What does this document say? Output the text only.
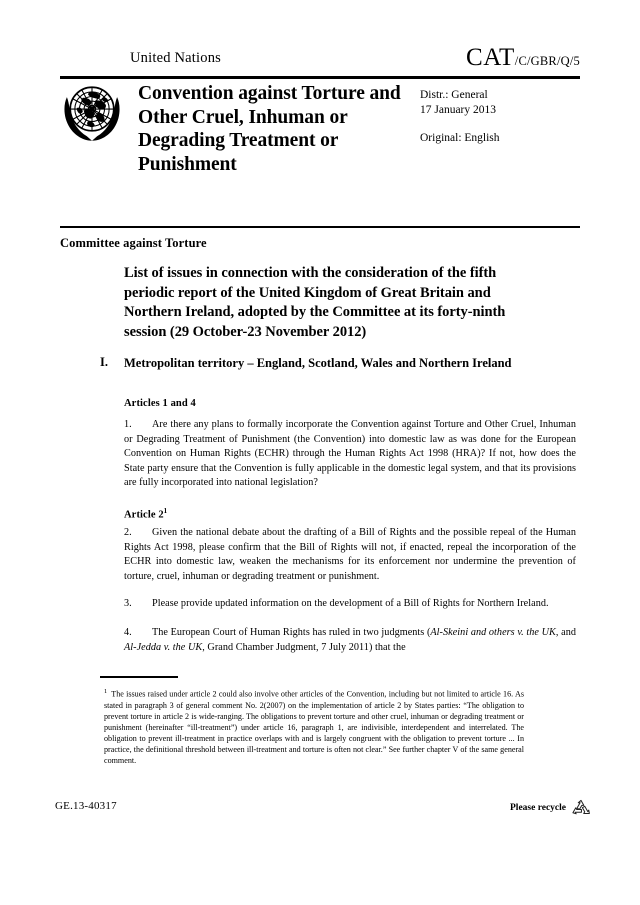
United Nations	CAT/C/GBR/Q/5
Convention against Torture and Other Cruel, Inhuman or Degrading Treatment or Punishment
Distr.: General
17 January 2013
Original: English
Committee against Torture
List of issues in connection with the consideration of the fifth periodic report of the United Kingdom of Great Britain and Northern Ireland, adopted by the Committee at its forty-ninth session (29 October-23 November 2012)
I. Metropolitan territory – England, Scotland, Wales and Northern Ireland
Articles 1 and 4
1. Are there any plans to formally incorporate the Convention against Torture and Other Cruel, Inhuman or Degrading Treatment of Punishment (the Convention) into domestic law as was done for the European Convention on Human Rights (ECHR) through the Human Rights Act 1998 (HRA)? If not, how does the State party ensure that the Convention is fully applicable in the domestic legal system, and that its provisions are fully incorporated into national legislation?
Article $2^1$
2. Given the national debate about the drafting of a Bill of Rights and the possible repeal of the Human Rights Act 1998, please confirm that the Bill of Rights will not, if enacted, repeal the incorporation of the ECHR into domestic law, weaken the mechanisms for its enforcement nor undermine the prevention of torture, cruel, inhuman or degrading treatment or punishment.
3. Please provide updated information on the development of a Bill of Rights for Northern Ireland.
4. The European Court of Human Rights has ruled in two judgments (Al-Skeini and others v. the UK, and Al-Jedda v. the UK, Grand Chamber Judgment, 7 July 2011) that the
$^1$ The issues raised under article 2 could also involve other articles of the Convention, including but not limited to article 16. As stated in paragraph 3 of general comment No. 2(2007) on the implementation of article 2 by States parties: “The obligation to prevent torture in article 2 is wide-ranging. The obligations to prevent torture and other cruel, inhuman or degrading treatment or punishment (hereinafter “ill-treatment”) under article 16, paragraph 1, are indivisible, interdependent and interrelated. The obligation to prevent ill-treatment in practice overlaps with and is largely congruent with the obligation to prevent torture ... In practice, the definitional threshold between ill-treatment and torture is often not clear.” See further chapter V of the same general comment.
GE.13-40317	Please recycle
